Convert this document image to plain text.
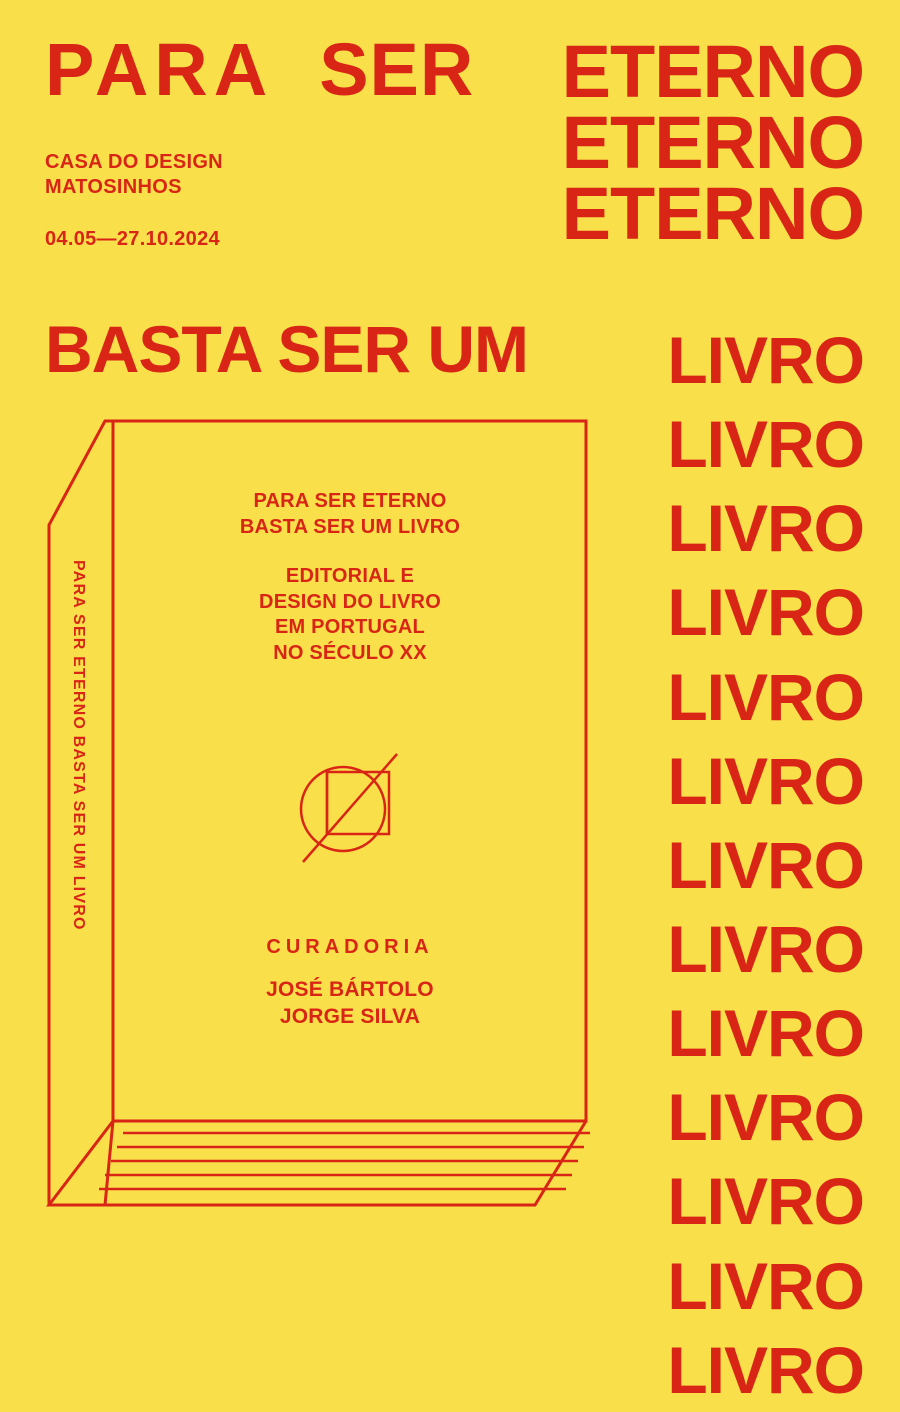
PARA SER ETERNO
ETERNO
ETERNO
CASA DO DESIGN
MATOSINHOS
04.05—27.10.2024
BASTA SER UM LIVRO
LIVRO
LIVRO
LIVRO
LIVRO
LIVRO
LIVRO
LIVRO
LIVRO
LIVRO
LIVRO
LIVRO
LIVRO
PARA SER ETERNO BASTA SER UM LIVRO
PARA SER ETERNO
BASTA SER UM LIVRO
EDITORIAL E
DESIGN DO LIVRO
EM PORTUGAL
NO SÉCULO XX
CURADORIA
JOSÉ BÁRTOLO
JORGE SILVA
